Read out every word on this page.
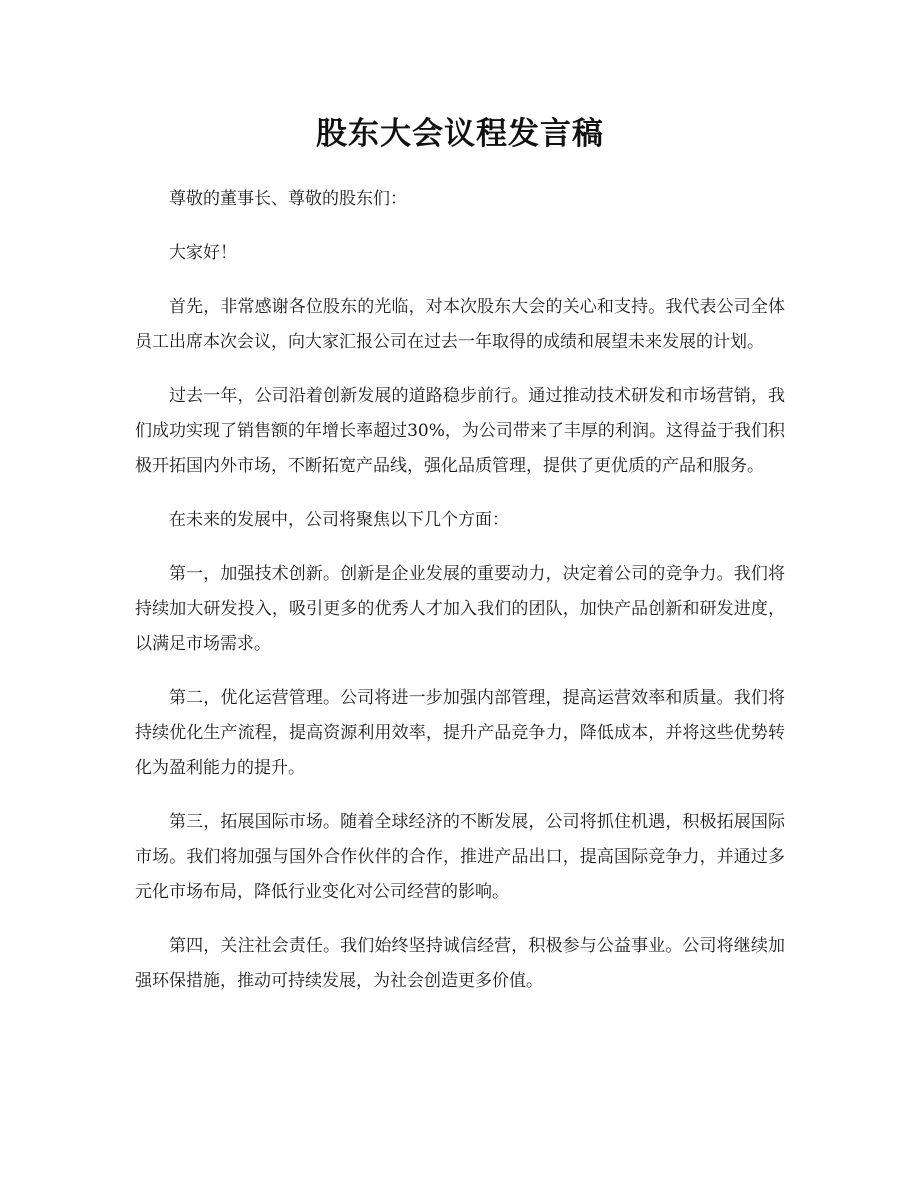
股东大会议程发言稿

尊敬的董事长、尊敬的股东们：

大家好！

首先，非常感谢各位股东的光临，对本次股东大会的关心和支持。我代表公司全体员工出席本次会议，向大家汇报公司在过去一年取得的成绩和展望未来发展的计划。

过去一年，公司沿着创新发展的道路稳步前行。通过推动技术研发和市场营销，我们成功实现了销售额的年增长率超过30%，为公司带来了丰厚的利润。这得益于我们积极开拓国内外市场，不断拓宽产品线，强化品质管理，提供了更优质的产品和服务。

在未来的发展中，公司将聚焦以下几个方面：

第一，加强技术创新。创新是企业发展的重要动力，决定着公司的竞争力。我们将持续加大研发投入，吸引更多的优秀人才加入我们的团队，加快产品创新和研发进度，以满足市场需求。

第二，优化运营管理。公司将进一步加强内部管理，提高运营效率和质量。我们将持续优化生产流程，提高资源利用效率，提升产品竞争力，降低成本，并将这些优势转化为盈利能力的提升。

第三，拓展国际市场。随着全球经济的不断发展，公司将抓住机遇，积极拓展国际市场。我们将加强与国外合作伙伴的合作，推进产品出口，提高国际竞争力，并通过多元化市场布局，降低行业变化对公司经营的影响。

第四，关注社会责任。我们始终坚持诚信经营，积极参与公益事业。公司将继续加强环保措施，推动可持续发展，为社会创造更多价值。
